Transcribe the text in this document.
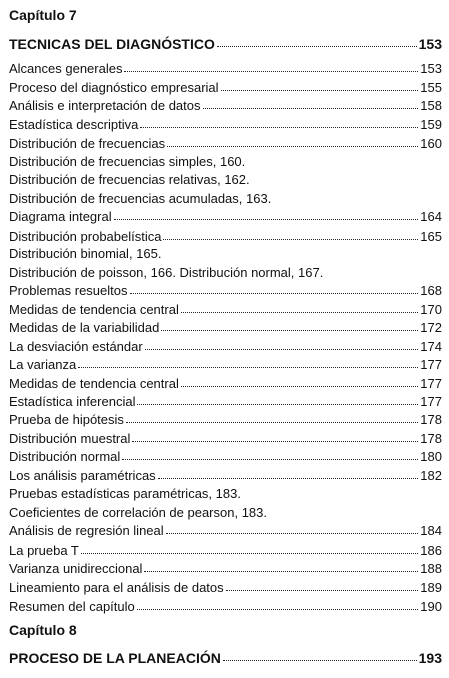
Capítulo 7
TECNICAS DEL DIAGNÓSTICO	153
Alcances generales	153
Proceso del diagnóstico empresarial	155
Análisis e interpretación de datos	158
Estadística descriptiva	159
Distribución de frecuencias	160
Distribución de frecuencias simples, 160.
Distribución de frecuencias relativas, 162.
Distribución de frecuencias acumuladas, 163.
Diagrama integral	164
Distribución probabelística	165
Distribución binomial, 165.
Distribución de poisson, 166. Distribución normal, 167.
Problemas resueltos	168
Medidas de tendencia central	170
Medidas de la variabilidad	172
La desviación estándar	174
La varianza	177
Medidas de tendencia central	177
Estadística inferencial	177
Prueba de hipótesis	178
Distribución muestral	178
Distribución normal	180
Los análisis paramétricas	182
Pruebas estadísticas paramétricas, 183.
Coeficientes de correlación de pearson, 183.
Análisis de regresión lineal	184
La prueba T	186
Varianza unidireccional	188
Lineamiento para el análisis de datos	189
Resumen del capítulo	190
Capítulo 8
PROCESO DE LA PLANEACIÓN	193
